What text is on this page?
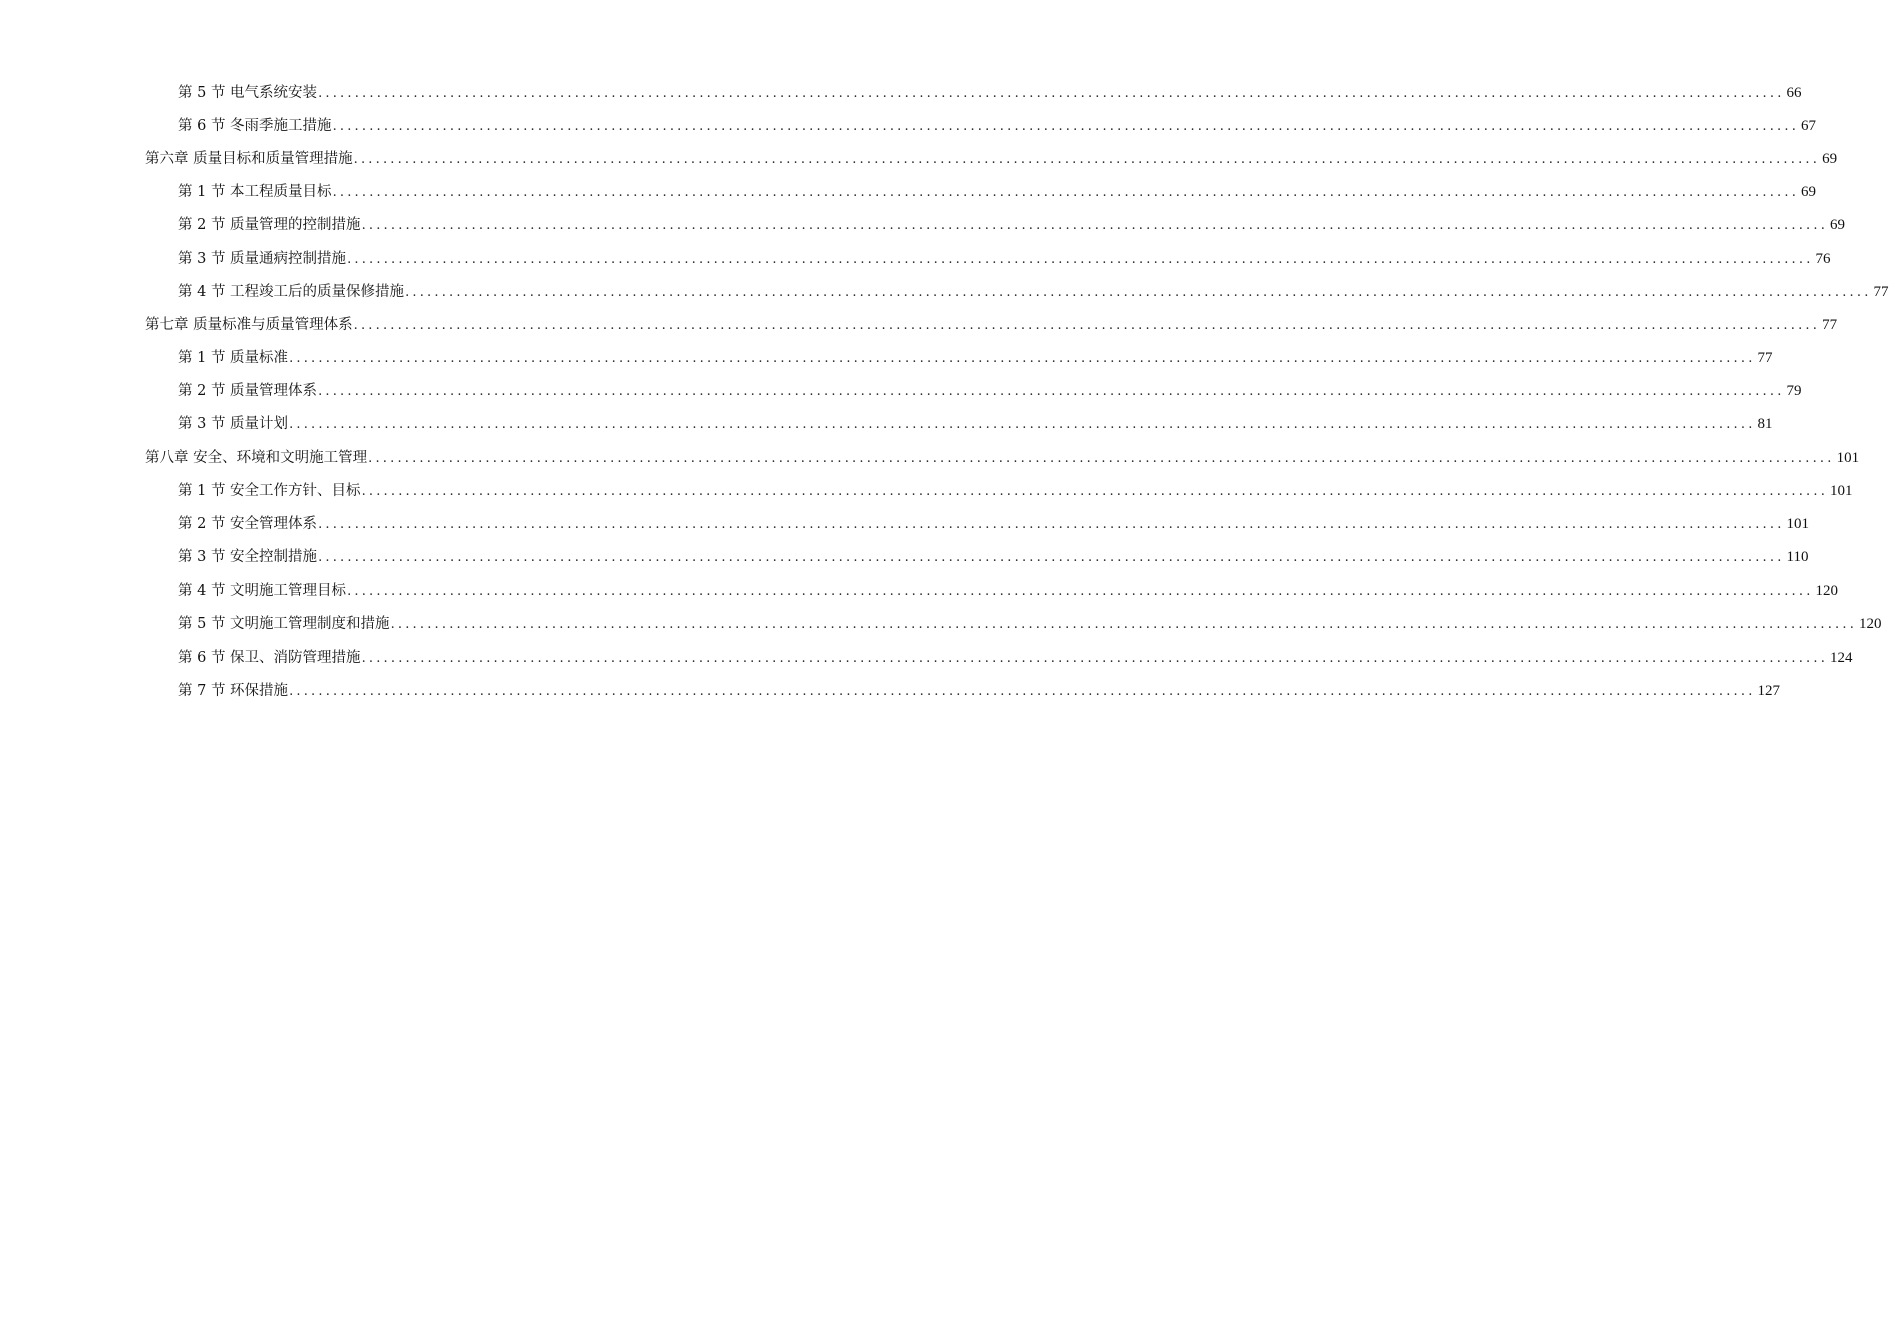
第 5 节 电气系统安装 ........................................................................................................................................................................................................ 66
第 6 节 冬雨季施工措施 ........................................................................................................................................................................................................ 67
第六章 质量目标和质量管理措施 ........................................................................................................................................................................................................ 69
第 1 节 本工程质量目标 ........................................................................................................................................................................................................ 69
第 2 节 质量管理的控制措施 ........................................................................................................................................................................................................ 69
第 3 节 质量通病控制措施 ........................................................................................................................................................................................................ 76
第 4 节 工程竣工后的质量保修措施 ........................................................................................................................................................................................................ 77
第七章 质量标准与质量管理体系 ........................................................................................................................................................................................................ 77
第 1 节 质量标准 ........................................................................................................................................................................................................ 77
第 2 节 质量管理体系 ........................................................................................................................................................................................................ 79
第 3 节 质量计划 ........................................................................................................................................................................................................ 81
第八章 安全、环境和文明施工管理 ........................................................................................................................................................................................................ 101
第 1 节 安全工作方针、目标 ........................................................................................................................................................................................................ 101
第 2 节 安全管理体系 ........................................................................................................................................................................................................ 101
第 3 节 安全控制措施 ........................................................................................................................................................................................................ 110
第 4 节 文明施工管理目标 ........................................................................................................................................................................................................ 120
第 5 节 文明施工管理制度和措施 ........................................................................................................................................................................................................ 120
第 6 节 保卫、消防管理措施 ........................................................................................................................................................................................................ 124
第 7 节 环保措施 ........................................................................................................................................................................................................ 127
